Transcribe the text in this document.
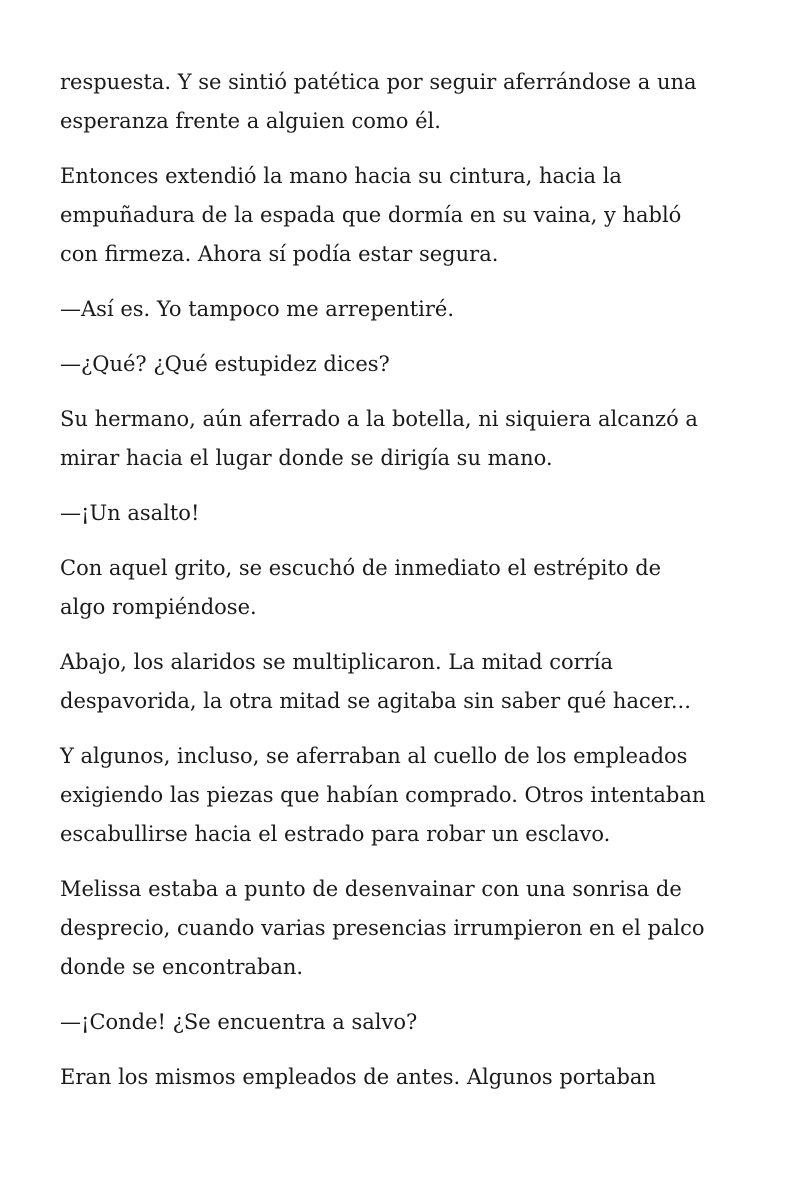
respuesta. Y se sintió patética por seguir aferrándose a una
esperanza frente a alguien como él.

Entonces extendió la mano hacia su cintura, hacia la
empuñadura de la espada que dormía en su vaina, y habló
con firmeza. Ahora sí podía estar segura.

—Así es. Yo tampoco me arrepentiré.

—¿Qué? ¿Qué estupidez dices?

Su hermano, aún aferrado a la botella, ni siquiera alcanzó a
mirar hacia el lugar donde se dirigía su mano.

—¡Un asalto!

Con aquel grito, se escuchó de inmediato el estrépito de
algo rompiéndose.

Abajo, los alaridos se multiplicaron. La mitad corría
despavorida, la otra mitad se agitaba sin saber qué hacer...

Y algunos, incluso, se aferraban al cuello de los empleados
exigiendo las piezas que habían comprado. Otros intentaban
escabullirse hacia el estrado para robar un esclavo.

Melissa estaba a punto de desenvainar con una sonrisa de
desprecio, cuando varias presencias irrumpieron en el palco
donde se encontraban.

—¡Conde! ¿Se encuentra a salvo?

Eran los mismos empleados de antes. Algunos portaban
